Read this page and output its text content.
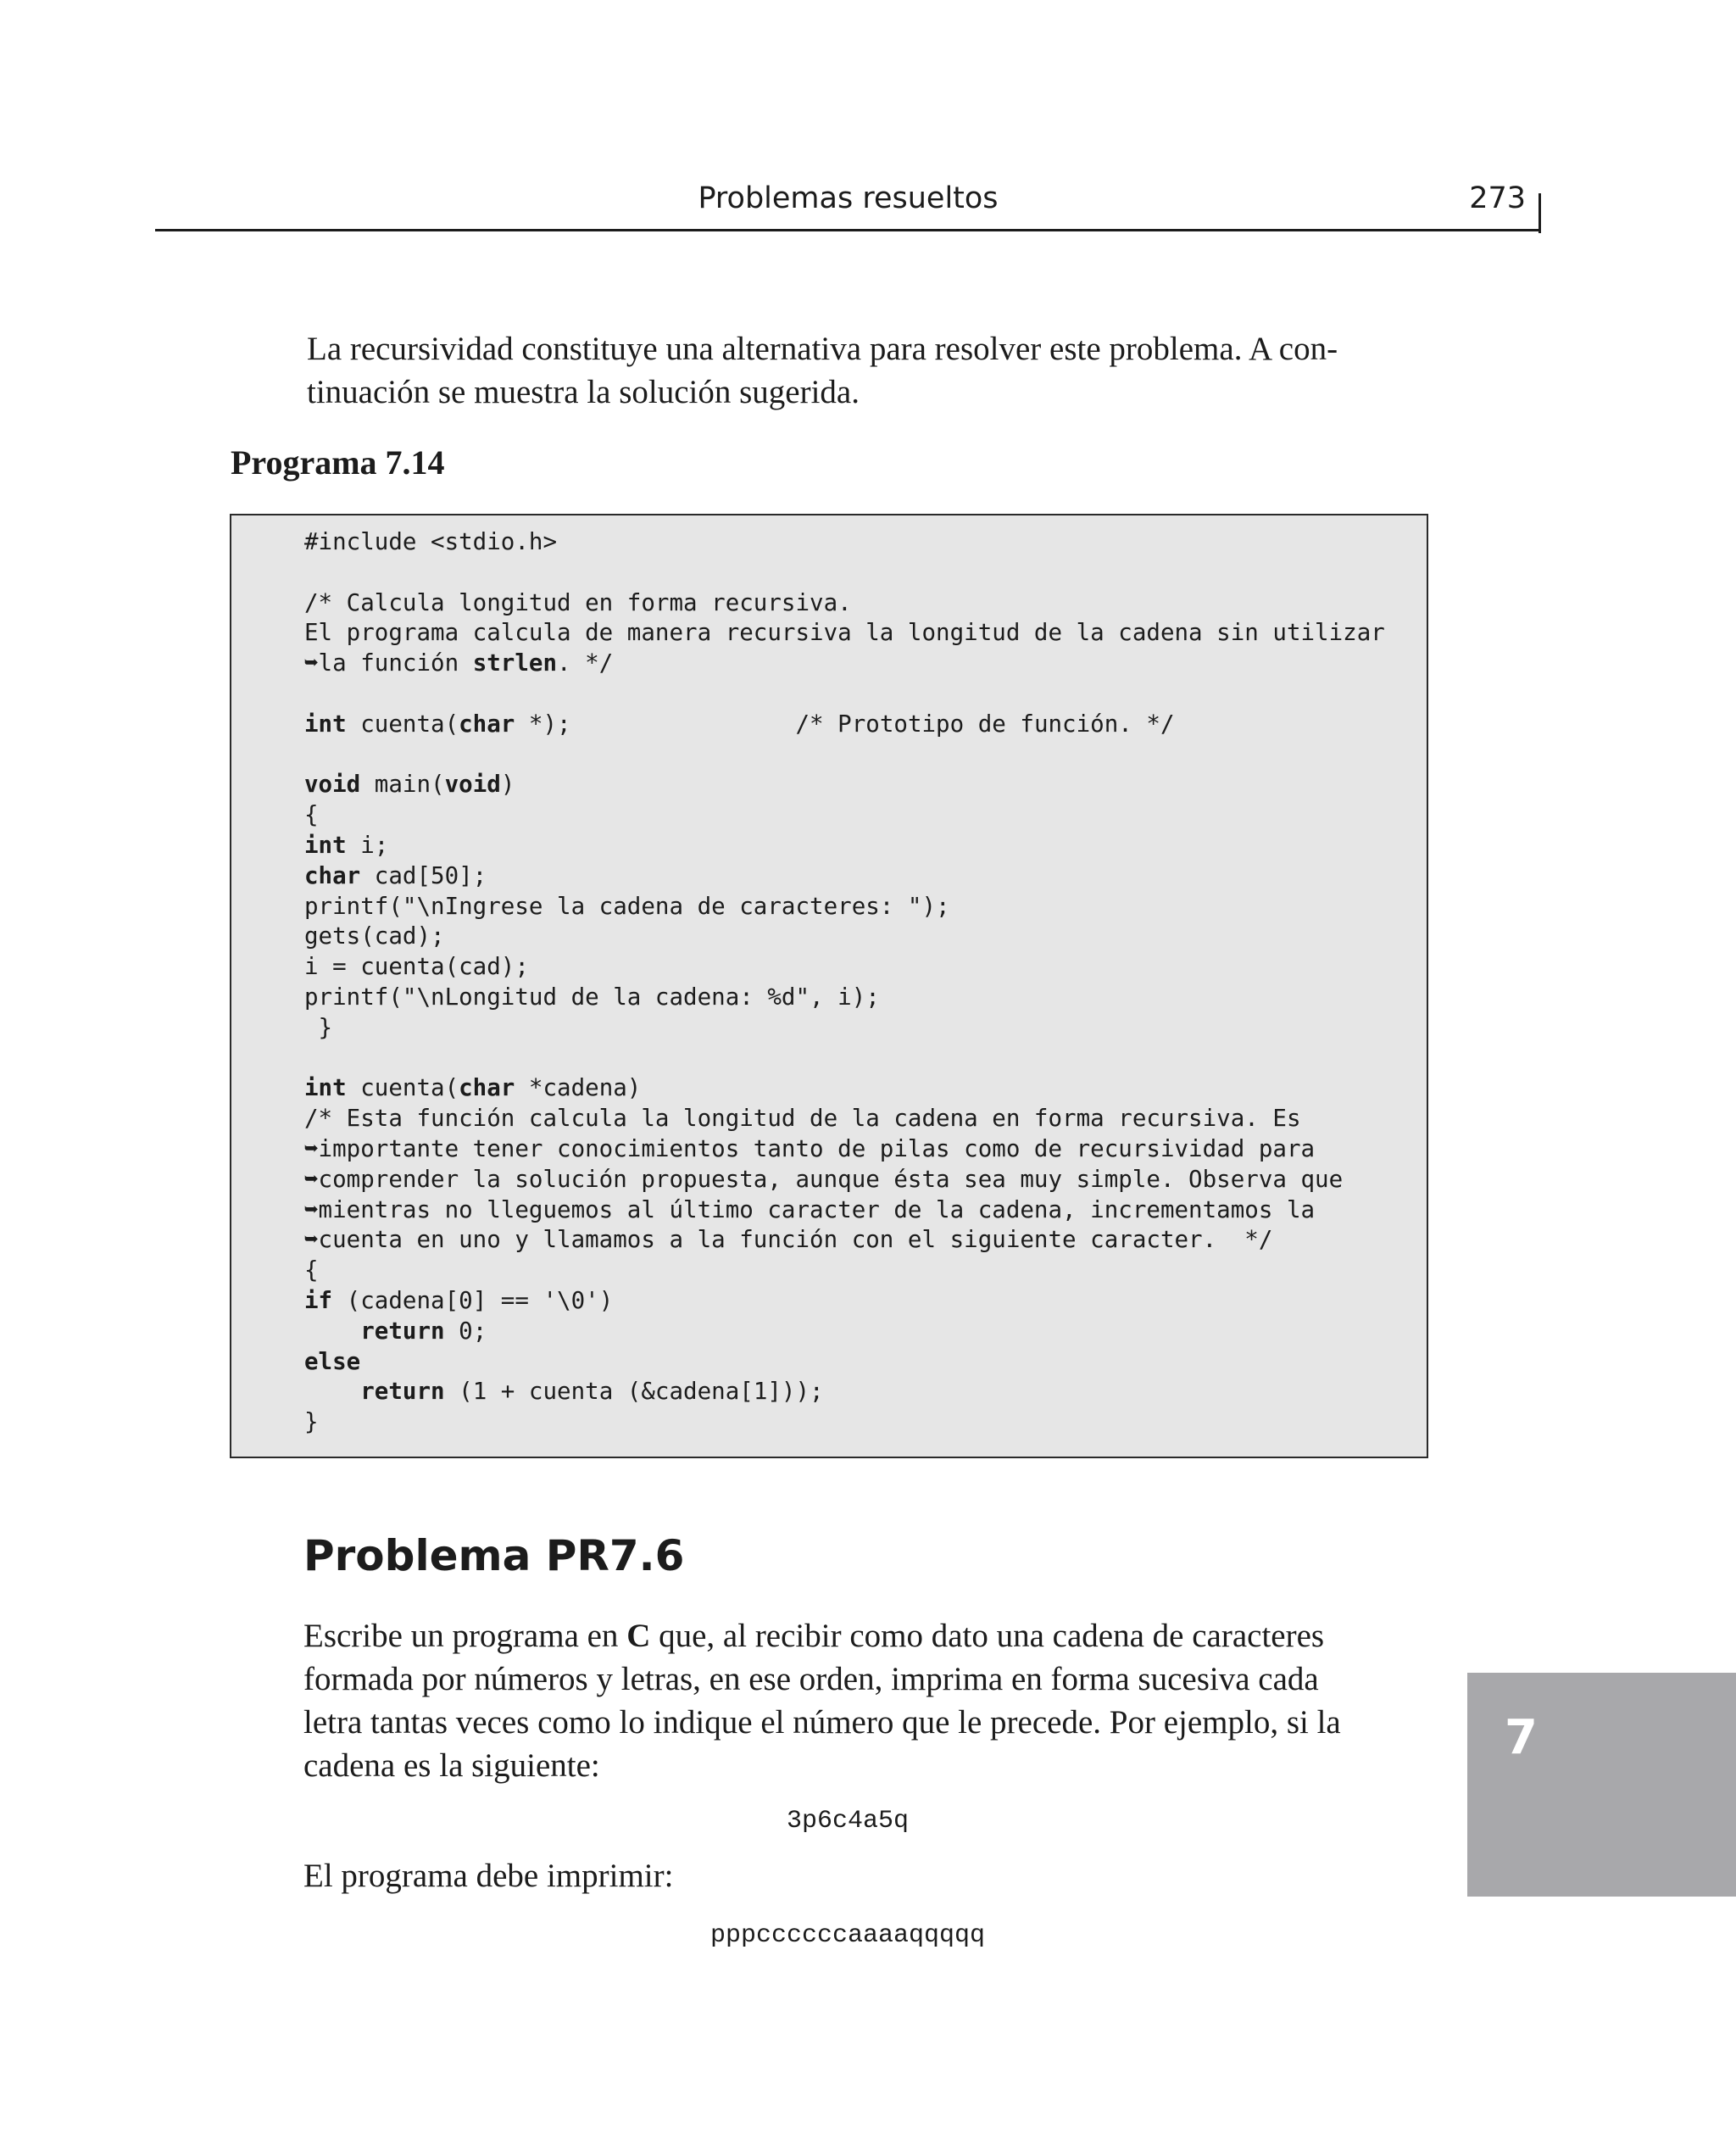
Problemas resueltos	273

La recursividad constituye una alternativa para resolver este problema. A con-
tinuación se muestra la solución sugerida.

Programa 7.14
#include <stdio.h>
/* Calcula longitud en forma recursiva.
El programa calcula de manera recursiva la longitud de la cadena sin utilizar
➥la función strlen. */
int cuenta(char *);                /* Prototipo de función. */
void main(void)
{
int i;
char cad[50];
printf("\nIngrese la cadena de caracteres: ");
gets(cad);
i = cuenta(cad);
printf("\nLongitud de la cadena: %d", i);
}
int cuenta(char *cadena)
/* Esta función calcula la longitud de la cadena en forma recursiva. Es
➥importante tener conocimientos tanto de pilas como de recursividad para
➥comprender la solución propuesta, aunque ésta sea muy simple. Observa que
➥mientras no lleguemos al último caracter de la cadena, incrementamos la
➥cuenta en uno y llamamos a la función con el siguiente caracter.  */
{
if (cadena[0] == '\0')
return 0;
else
return (1 + cuenta (&cadena[1]));
}
Problema PR7.6

Escribe un programa en C que, al recibir como dato una cadena de caracteres
formada por números y letras, en ese orden, imprima en forma sucesiva cada
letra tantas veces como lo indique el número que le precede. Por ejemplo, si la
cadena es la siguiente:

3p6c4a5q

El programa debe imprimir:

pppccccccaaaaqqqqq

7
